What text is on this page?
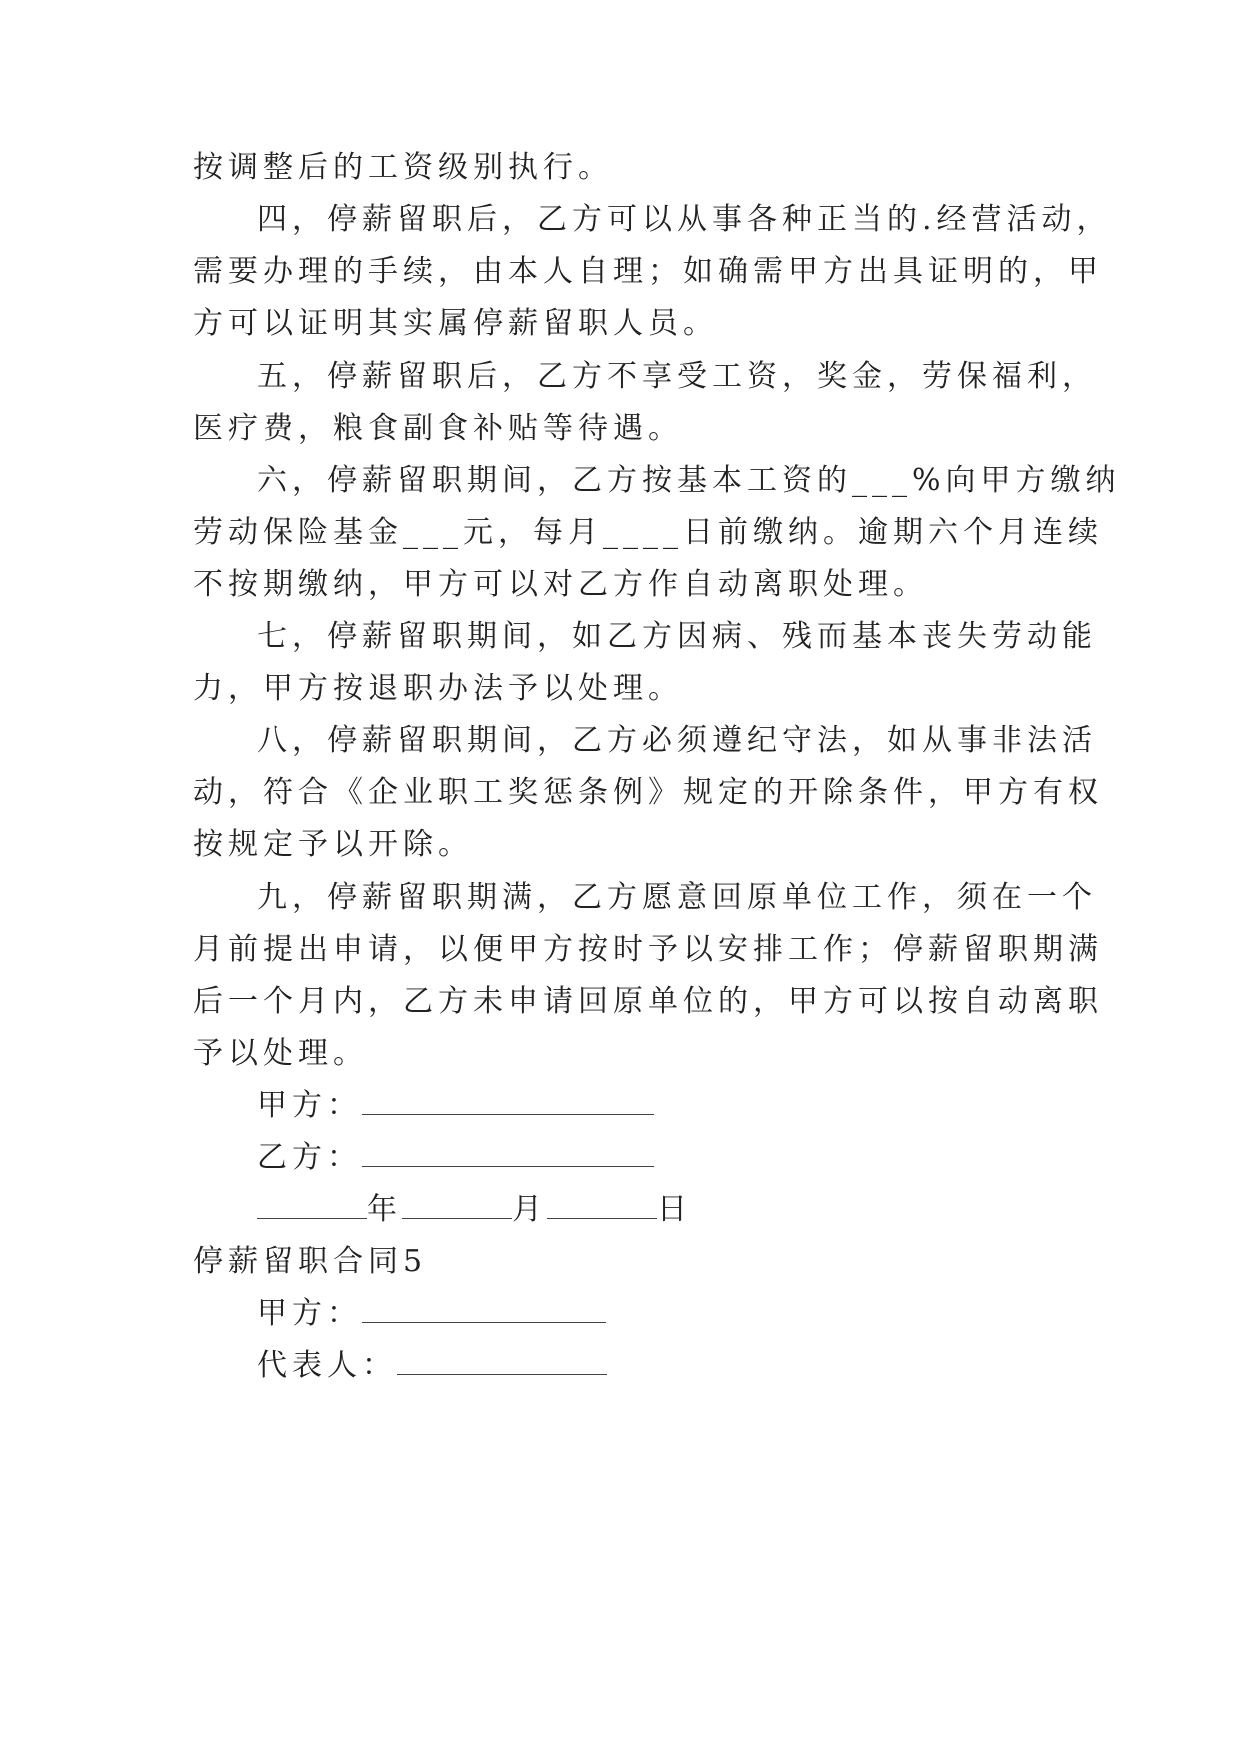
按调整后的工资级别执行。
四，停薪留职后，乙方可以从事各种正当的.经营活动，
需要办理的手续，由本人自理；如确需甲方出具证明的，甲
方可以证明其实属停薪留职人员。
五，停薪留职后，乙方不享受工资，奖金，劳保福利，
医疗费，粮食副食补贴等待遇。
六，停薪留职期间，乙方按基本工资的___%向甲方缴纳
劳动保险基金___元，每月____日前缴纳。逾期六个月连续
不按期缴纳，甲方可以对乙方作自动离职处理。
七，停薪留职期间，如乙方因病、残而基本丧失劳动能
力，甲方按退职办法予以处理。
八，停薪留职期间，乙方必须遵纪守法，如从事非法活
动，符合《企业职工奖惩条例》规定的开除条件，甲方有权
按规定予以开除。
九，停薪留职期满，乙方愿意回原单位工作，须在一个
月前提出申请，以便甲方按时予以安排工作；停薪留职期满
后一个月内，乙方未申请回原单位的，甲方可以按自动离职
予以处理。
甲方：
乙方：
年	月	日
停薪留职合同5
甲方：
代表人：
